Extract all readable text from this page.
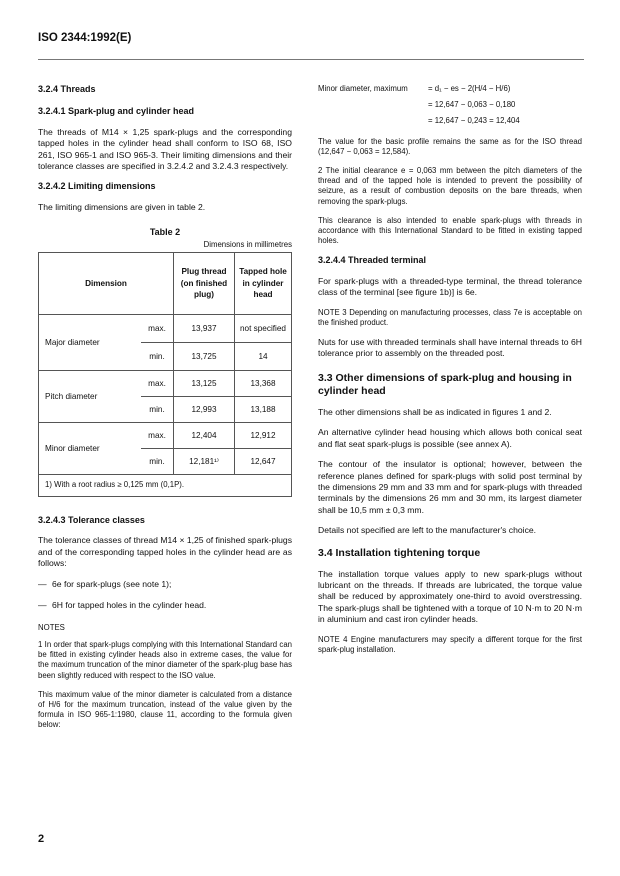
ISO 2344:1992(E)
3.2.4 Threads
3.2.4.1 Spark-plug and cylinder head

The threads of M14 × 1,25 spark-plugs and the corresponding tapped holes in the cylinder head shall conform to ISO 68, ISO 261, ISO 965-1 and ISO 965-3. Their limiting dimensions and their tolerance classes are specified in 3.2.4.2 and 3.2.4.3 respectively.

3.2.4.2 Limiting dimensions

The limiting dimensions are given in table 2.

Table 2
Dimensions in millimetres
Dimension		Plug thread (on finished plug)	Tapped hole in cylinder head
Major diameter	max.	13,937	not specified
	min.	13,725	14
Pitch diameter	max.	13,125	13,368
	min.	12,993	13,188
Minor diameter	max.	12,404	12,912
	min.	12,181¹⁾	12,647
1) With a root radius ≥ 0,125 mm (0,1P).			
3.2.4.3 Tolerance classes

The tolerance classes of thread M14 × 1,25 of finished spark-plugs and of the corresponding tapped holes in the cylinder head are as follows:

— 6e for spark-plugs (see note 1);
— 6H for tapped holes in the cylinder head.
NOTES

1 In order that spark-plugs complying with this International Standard can be fitted in existing cylinder heads also in extreme cases, the value for the maximum truncation of the minor diameter of the spark-plug base has been slightly reduced with respect to the ISO value.

This maximum value of the minor diameter is calculated from a distance of H/6 for the maximum truncation, instead of the value given by the formula in ISO 965-1:1980, clause 11, according to the formula given below:

Minor diameter, maximum	= d₁ − es − 2(H/4 − H/6)
= 12,647 − 0,063 − 0,180
= 12,647 − 0,243 = 12,404

The value for the basic profile remains the same as for the ISO thread (12,647 − 0,063 = 12,584).

2 The initial clearance e = 0,063 mm between the pitch diameters of the thread and of the tapped hole is intended to prevent the possibility of seizure, as a result of combustion deposits on the bare threads, when removing the spark-plugs.

This clearance is also intended to enable spark-plugs with threads in accordance with this International Standard to be fitted in existing tapped holes.

3.2.4.4 Threaded terminal

For spark-plugs with a threaded-type terminal, the thread tolerance class of the terminal [see figure 1b)] is 6e.

NOTE 3 Depending on manufacturing processes, class 7e is acceptable on the finished product.

Nuts for use with threaded terminals shall have internal threads to 6H tolerance prior to assembly on the threaded post.

3.3 Other dimensions of spark-plug and housing in cylinder head

The other dimensions shall be as indicated in figures 1 and 2.

An alternative cylinder head housing which allows both conical seat and flat seat spark-plugs is possible (see annex A).

The contour of the insulator is optional; however, between the reference planes defined for spark-plugs with solid post terminal by the dimensions 29 mm and 33 mm and for spark-plugs with threaded terminals by the dimensions 26 mm and 30 mm, its largest diameter shall be 10,5 mm ± 0,3 mm.

Details not specified are left to the manufacturer's choice.

3.4 Installation tightening torque

The installation torque values apply to new spark-plugs without lubricant on the threads. If threads are lubricated, the torque value shall be reduced by approximately one-third to avoid overstressing. The spark-plugs shall be tightened with a torque of 10 N·m to 20 N·m in aluminium and cast iron cylinder heads.

NOTE 4 Engine manufacturers may specify a different torque for the first spark-plug installation.

2
